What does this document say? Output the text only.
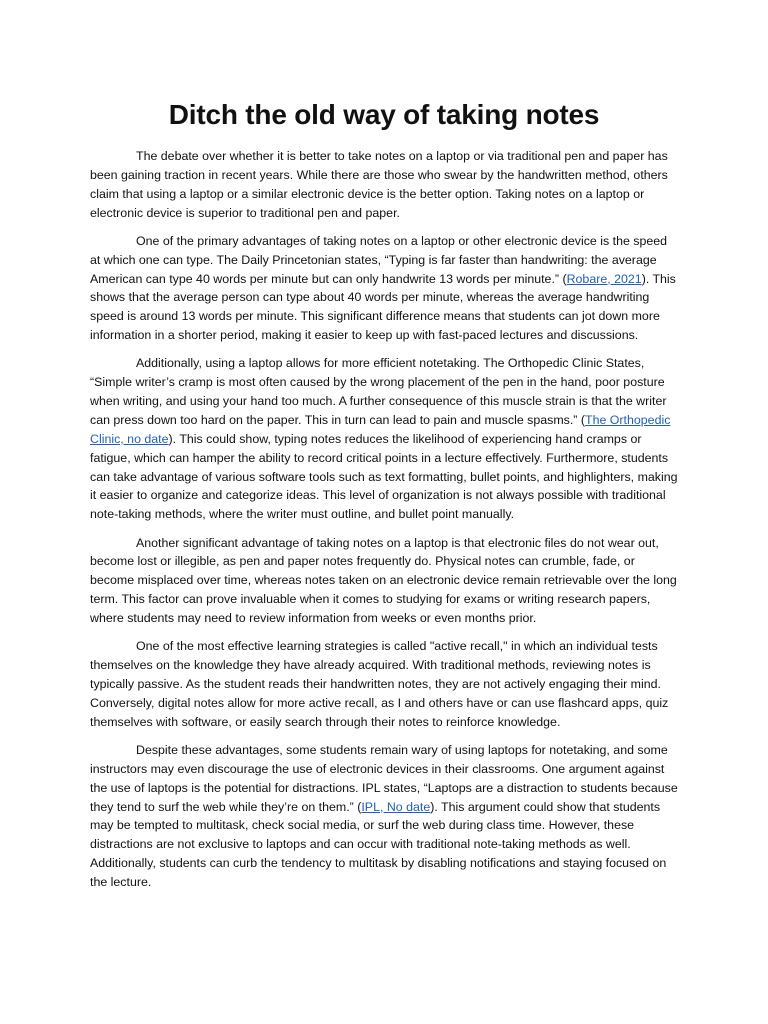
Ditch the old way of taking notes

The debate over whether it is better to take notes on a laptop or via traditional pen and paper has been gaining traction in recent years. While there are those who swear by the handwritten method, others claim that using a laptop or a similar electronic device is the better option. Taking notes on a laptop or electronic device is superior to traditional pen and paper.

One of the primary advantages of taking notes on a laptop or other electronic device is the speed at which one can type. The Daily Princetonian states, “Typing is far faster than handwriting: the average American can type 40 words per minute but can only handwrite 13 words per minute.” (Robare, 2021). This shows that the average person can type about 40 words per minute, whereas the average handwriting speed is around 13 words per minute. This significant difference means that students can jot down more information in a shorter period, making it easier to keep up with fast-paced lectures and discussions.

Additionally, using a laptop allows for more efficient notetaking. The Orthopedic Clinic States, “Simple writer’s cramp is most often caused by the wrong placement of the pen in the hand, poor posture when writing, and using your hand too much. A further consequence of this muscle strain is that the writer can press down too hard on the paper. This in turn can lead to pain and muscle spasms.” (The Orthopedic Clinic, no date). This could show, typing notes reduces the likelihood of experiencing hand cramps or fatigue, which can hamper the ability to record critical points in a lecture effectively. Furthermore, students can take advantage of various software tools such as text formatting, bullet points, and highlighters, making it easier to organize and categorize ideas. This level of organization is not always possible with traditional note-taking methods, where the writer must outline, and bullet point manually.

Another significant advantage of taking notes on a laptop is that electronic files do not wear out, become lost or illegible, as pen and paper notes frequently do. Physical notes can crumble, fade, or become misplaced over time, whereas notes taken on an electronic device remain retrievable over the long term. This factor can prove invaluable when it comes to studying for exams or writing research papers, where students may need to review information from weeks or even months prior.

One of the most effective learning strategies is called "active recall," in which an individual tests themselves on the knowledge they have already acquired. With traditional methods, reviewing notes is typically passive. As the student reads their handwritten notes, they are not actively engaging their mind. Conversely, digital notes allow for more active recall, as I and others have or can use flashcard apps, quiz themselves with software, or easily search through their notes to reinforce knowledge.

Despite these advantages, some students remain wary of using laptops for notetaking, and some instructors may even discourage the use of electronic devices in their classrooms. One argument against the use of laptops is the potential for distractions. IPL states, “Laptops are a distraction to students because they tend to surf the web while they’re on them.” (IPL, No date). This argument could show that students may be tempted to multitask, check social media, or surf the web during class time. However, these distractions are not exclusive to laptops and can occur with traditional note-taking methods as well. Additionally, students can curb the tendency to multitask by disabling notifications and staying focused on the lecture.
